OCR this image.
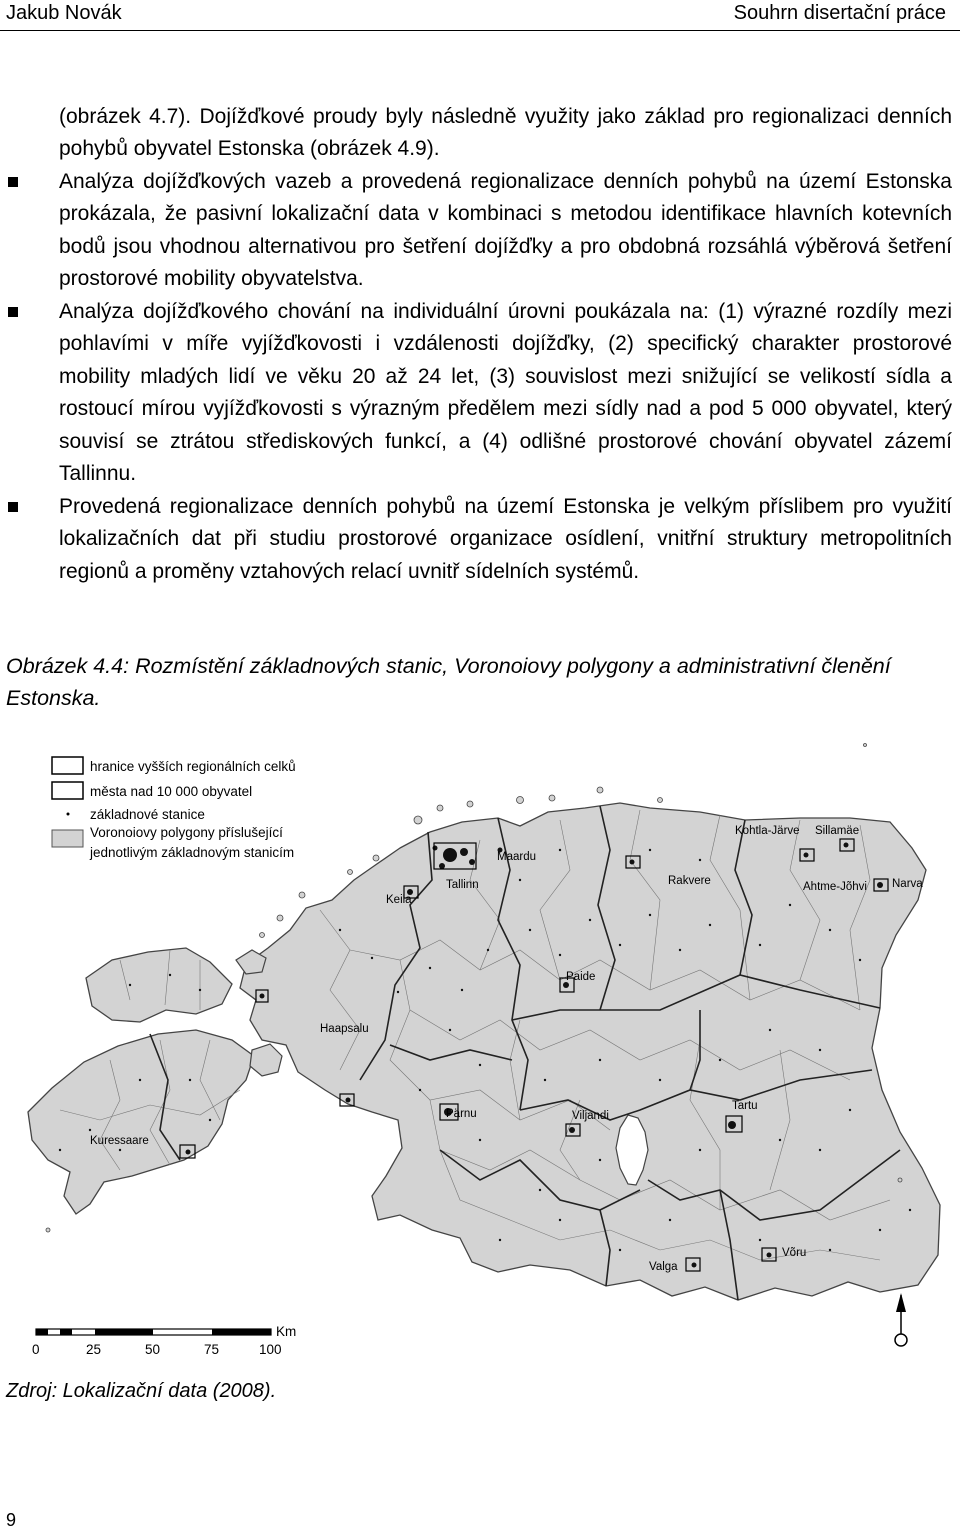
Jakub Novák	Souhrn disertační práce
(obrázek 4.7). Dojížďkové proudy byly následně využity jako základ pro regionalizaci denních pohybů obyvatel Estonska (obrázek 4.9).
Analýza dojížďkových vazeb a provedená regionalizace denních pohybů na území Estonska prokázala, že pasivní lokalizační data v kombinaci s metodou identifikace hlavních kotevních bodů jsou vhodnou alternativou pro šetření dojížďky a pro obdobná rozsáhlá výběrová šetření prostorové mobility obyvatelstva.
Analýza dojížďkového chování na individuální úrovni poukázala na: (1) výrazné rozdíly mezi pohlavími v míře vyjížďkovosti i vzdálenosti dojížďky, (2) specifický charakter prostorové mobility mladých lidí ve věku 20 až 24 let, (3) souvislost mezi snižující se velikostí sídla a rostoucí mírou vyjížďkovosti s výrazným předělem mezi sídly nad a pod 5 000 obyvatel, který souvisí se ztrátou střediskových funkcí, a (4) odlišné prostorové chování obyvatel zázemí Tallinnu.
Provedená regionalizace denních pohybů na území Estonska je velkým příslibem pro využití lokalizačních dat při studiu prostorové organizace osídlení, vnitřní struktury metropolitních regionů a proměny vztahových relací uvnitř sídelních systémů.
Obrázek 4.4: Rozmístění základnových stanic, Voronoiovy polygony a administrativní členění Estonska.
hranice vyšších regionálních celků
města nad 10 000 obyvatel
základnové stanice
Voronoiovy polygony příslušející
jednotlivým základnovým stanicím
Kohtla-Järve Sillamäe
Maardu
Rakvere
Tallinn	Ahtme-Jõhvi Narva
Keila
Paide
Haapsalu
Pärnu	Viljandi
Tartu
Kuressaare
Võru
Valga
Km
0	25	50	75	100
Zdroj: Lokalizační data (2008).
9
